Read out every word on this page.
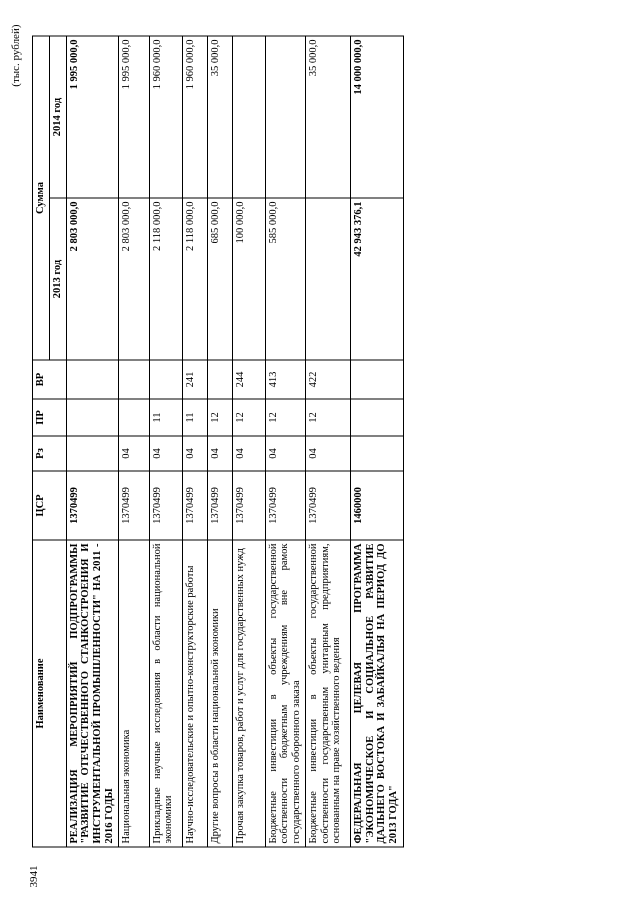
3941
(тыс. рублей)
Наименование	ЦСР	Рз	ПР	ВР	Сумма	
					2013 год	2014 год
РЕАЛИЗАЦИЯ МЕРОПРИЯТИЙ ПОДПРОГРАММЫ "РАЗВИТИЕ ОТЕЧЕСТВЕННОГО СТАНКОСТРОЕНИЯ И ИНСТРУМЕНТАЛЬНОЙ ПРОМЫШЛЕННОСТИ" НА 2011 - 2016 ГОДЫ	1370499				2 803 000,0	1 995 000,0
Национальная экономика	1370499	04			2 803 000,0	1 995 000,0
Прикладные научные исследования в области национальной экономики	1370499	04	11		2 118 000,0	1 960 000,0
Научно-исследовательские и опытно-конструкторские работы	1370499	04	11	241	2 118 000,0	1 960 000,0
Другие вопросы в области национальной экономики	1370499	04	12		685 000,0	35 000,0
Прочая закупка товаров, работ и услуг для государственных нужд	1370499	04	12	244	100 000,0	
Бюджетные инвестиции в объекты государственной собственности бюджетным учреждениям вне рамок государственного оборонного заказа	1370499	04	12	413	585 000,0	
Бюджетные инвестиции в объекты государственной собственности государственным унитарным предприятиям, основанным на праве хозяйственного ведения	1370499	04	12	422		35 000,0
ФЕДЕРАЛЬНАЯ ЦЕЛЕВАЯ ПРОГРАММА "ЭКОНОМИЧЕСКОЕ И СОЦИАЛЬНОЕ РАЗВИТИЕ ДАЛЬНЕГО ВОСТОКА И ЗАБАЙКАЛЬЯ НА ПЕРИОД ДО 2013 ГОДА"	1460000				42 943 376,1	14 000 000,0
